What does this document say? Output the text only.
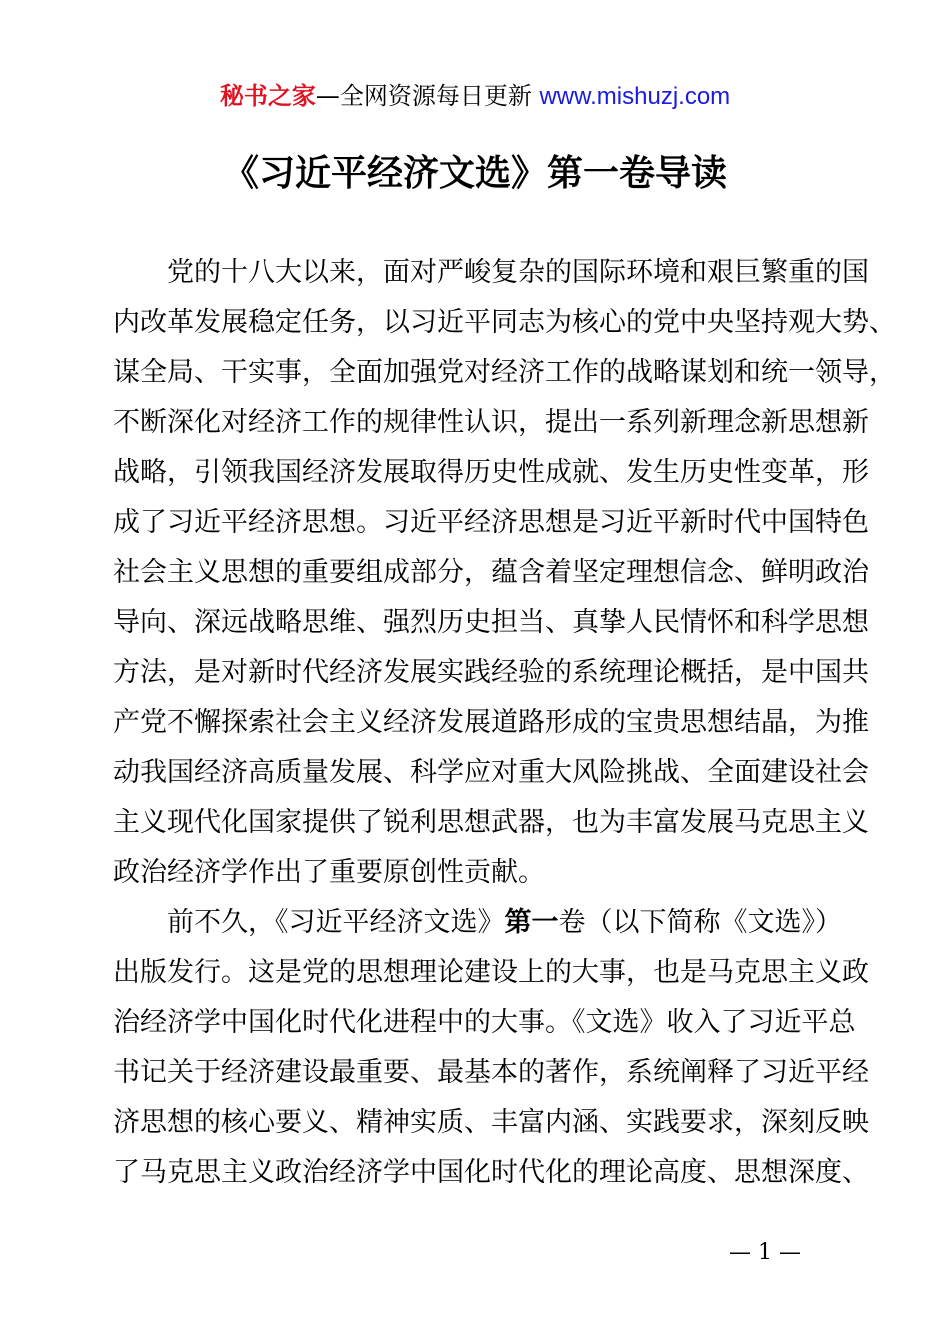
秘书之家—全网资源每日更新 www.mishuzj.com
《习近平经济文选》第一卷导读
党的十八大以来，面对严峻复杂的国际环境和艰巨繁重的国
内改革发展稳定任务，以习近平同志为核心的党中央坚持观大势、
谋全局、干实事，全面加强党对经济工作的战略谋划和统一领导，
不断深化对经济工作的规律性认识，提出一系列新理念新思想新
战略，引领我国经济发展取得历史性成就、发生历史性变革，形
成了习近平经济思想。习近平经济思想是习近平新时代中国特色
社会主义思想的重要组成部分，蕴含着坚定理想信念、鲜明政治
导向、深远战略思维、强烈历史担当、真挚人民情怀和科学思想
方法，是对新时代经济发展实践经验的系统理论概括，是中国共
产党不懈探索社会主义经济发展道路形成的宝贵思想结晶，为推
动我国经济高质量发展、科学应对重大风险挑战、全面建设社会
主义现代化国家提供了锐利思想武器，也为丰富发展马克思主义
政治经济学作出了重要原创性贡献。
前不久，《习近平经济文选》第一卷（以下简称《文选》）
出版发行。这是党的思想理论建设上的大事，也是马克思主义政
治经济学中国化时代化进程中的大事。《文选》收入了习近平总
书记关于经济建设最重要、最基本的著作，系统阐释了习近平经
济思想的核心要义、精神实质、丰富内涵、实践要求，深刻反映
了马克思主义政治经济学中国化时代化的理论高度、思想深度、
— 1 —
